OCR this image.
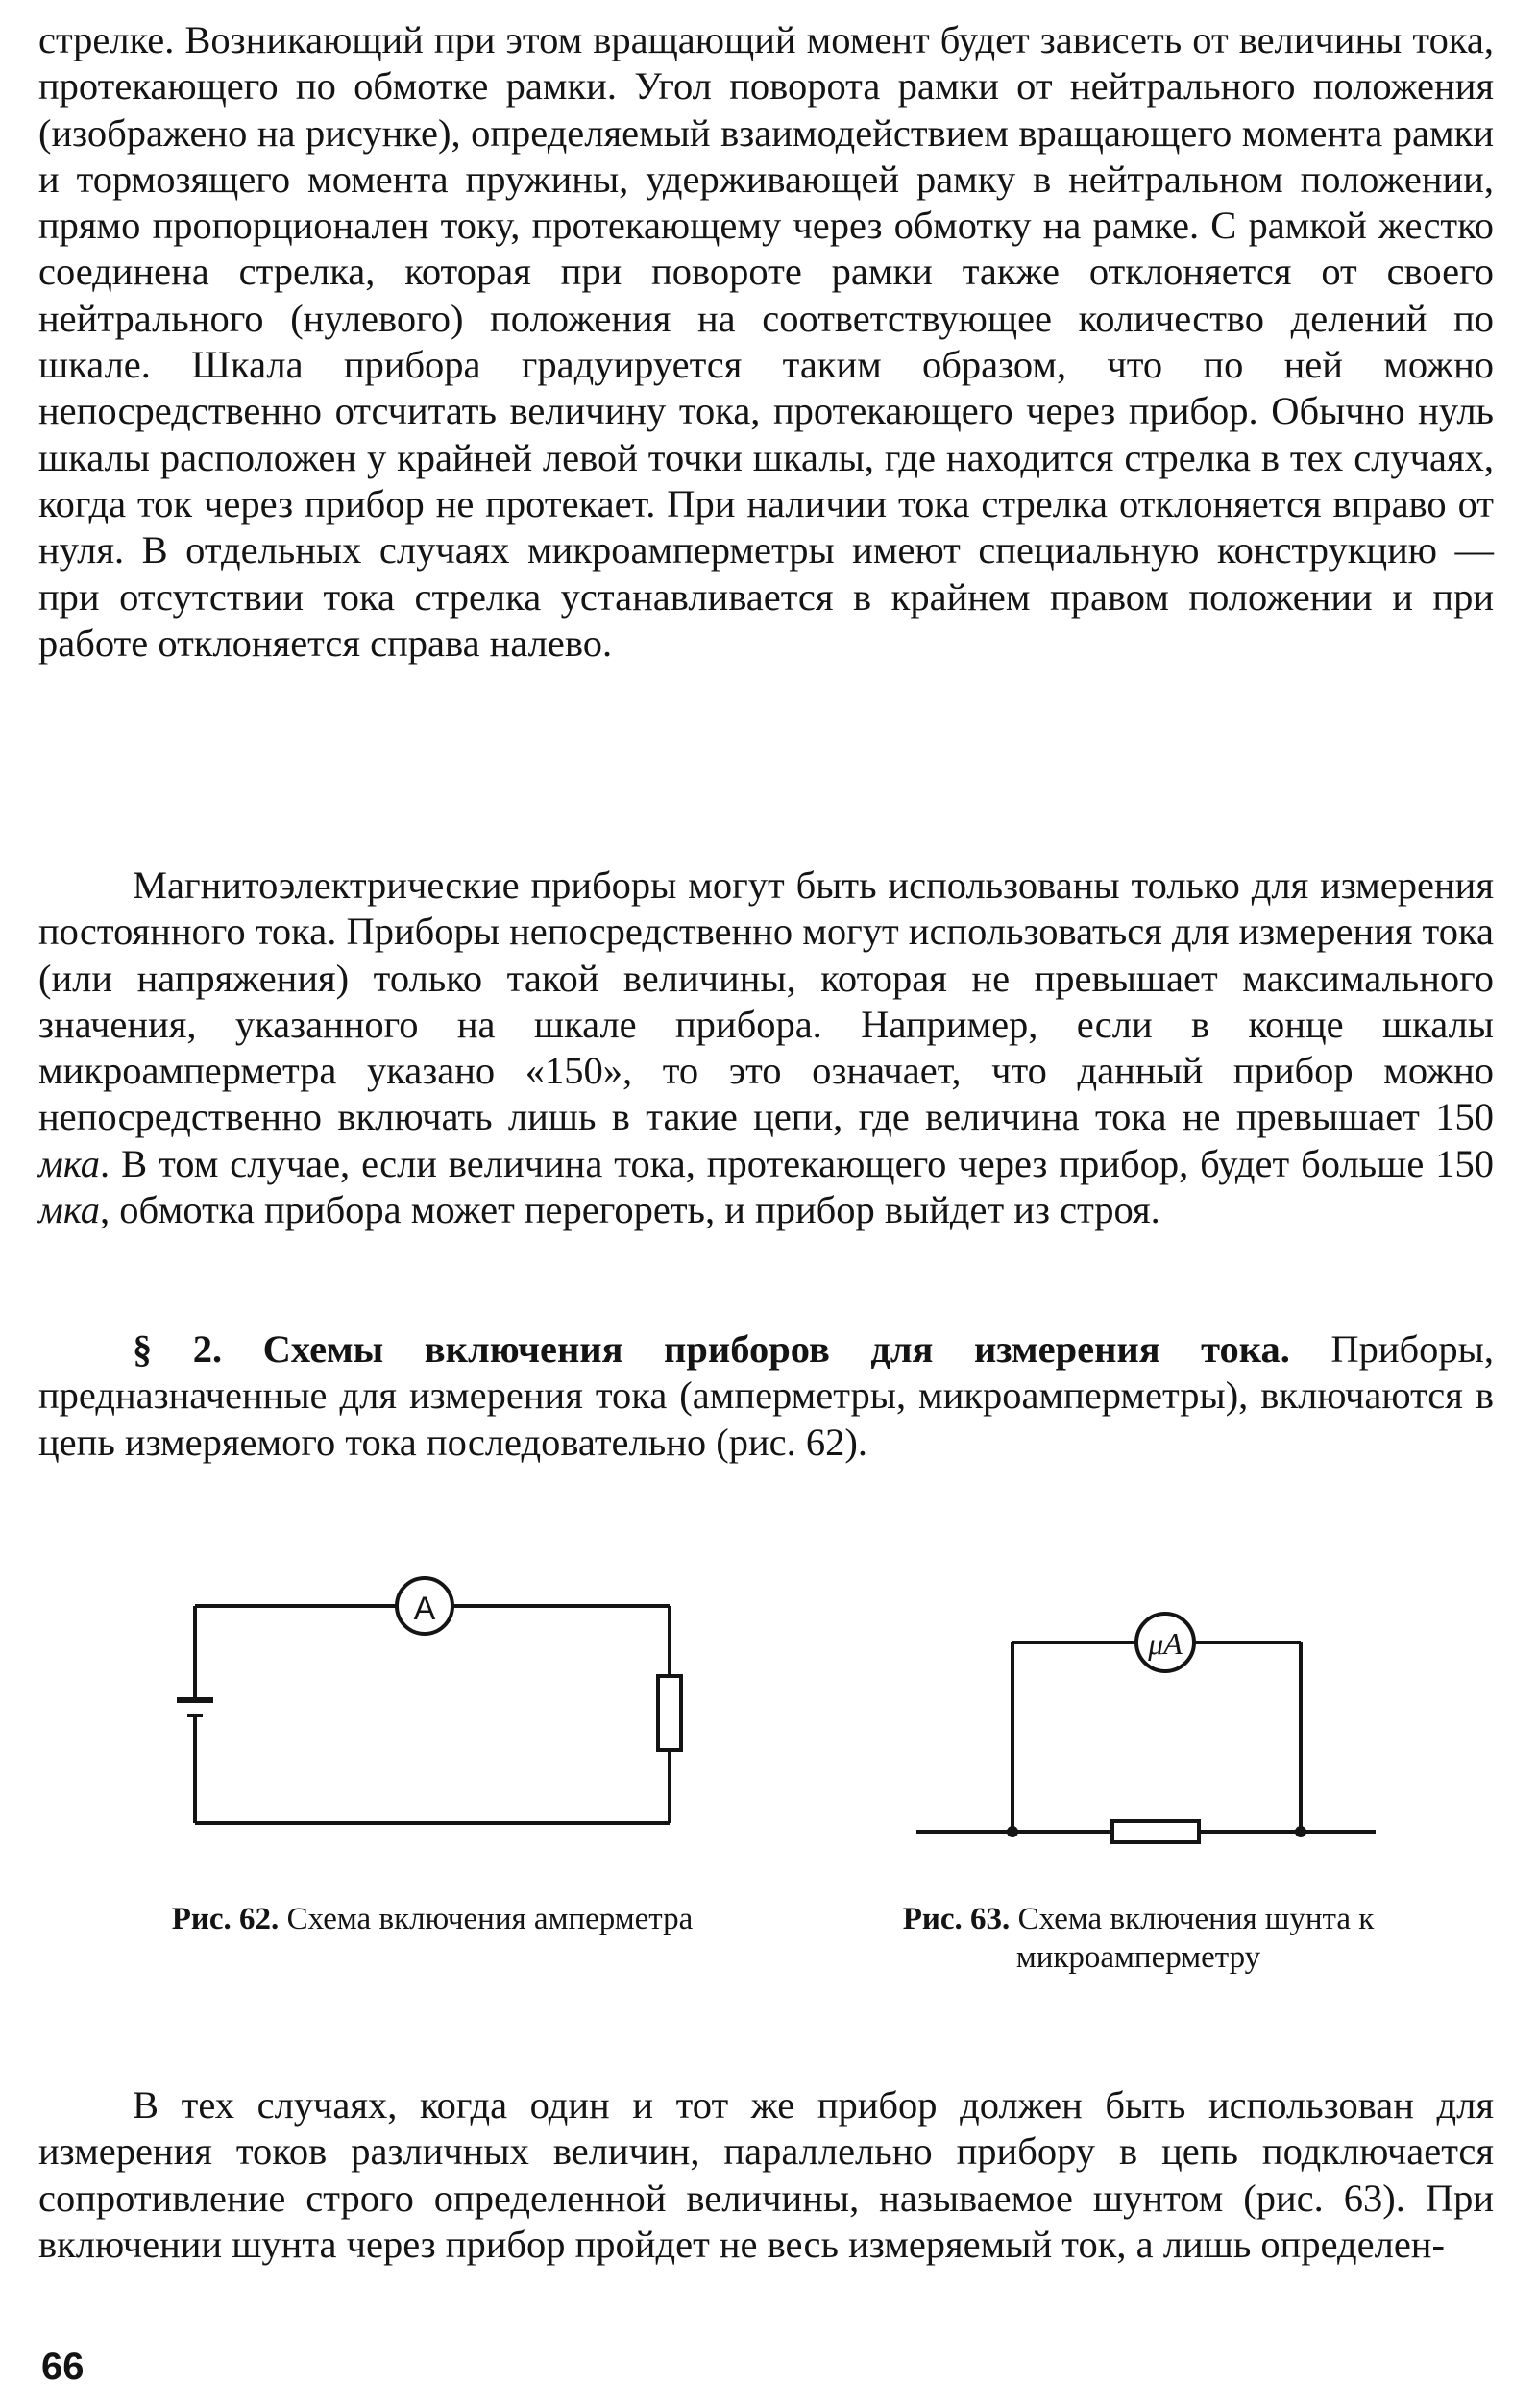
стрелке. Возникающий при этом вращающий момент будет зависеть от величины тока, протекающего по обмотке рамки. Угол поворота рамки от нейтрального положения (изображено на рисунке), определяемый взаимодействием вращающего момента рамки и тормозящего момента пружины, удерживающей рамку в нейтральном положении, прямо пропорционален току, протекающему через обмотку на рамке. С рамкой жестко соединена стрелка, которая при повороте рамки также отклоняется от своего нейтрального (нулевого) положения на соответствующее количество делений по шкале. Шкала прибора градуируется таким образом, что по ней можно непосредственно отсчитать величину тока, протекающего через прибор. Обычно нуль шкалы расположен у крайней левой точки шкалы, где находится стрелка в тех случаях, когда ток через прибор не протекает. При наличии тока стрелка отклоняется вправо от нуля. В отдельных случаях микроамперметры имеют специальную конструкцию — при отсутствии тока стрелка устанавливается в крайнем правом положении и при работе отклоняется справа налево.

Магнитоэлектрические приборы могут быть использованы только для измерения постоянного тока. Приборы непосредственно могут использоваться для измерения тока (или напряжения) только такой величины, которая не превышает максимального значения, указанного на шкале прибора. Например, если в конце шкалы микроамперметра указано «150», то это означает, что данный прибор можно непосредственно включать лишь в такие цепи, где величина тока не превышает 150 мка. В том случае, если величина тока, протекающего через прибор, будет больше 150 мка, обмотка прибора может перегореть, и прибор выйдет из строя.

§ 2. Схемы включения приборов для измерения тока. Приборы, предназначенные для измерения тока (амперметры, микроамперметры), включаются в цепь измеряемого тока последовательно (рис. 62).

A
μA
Рис. 62. Схема включения амперметра	Рис. 63. Схема включения шунта к микроамперметру

В тех случаях, когда один и тот же прибор должен быть использован для измерения токов различных величин, параллельно прибору в цепь подключается сопротивление строго определенной величины, называемое шунтом (рис. 63). При включении шунта через прибор пройдет не весь измеряемый ток, а лишь определен-

66
